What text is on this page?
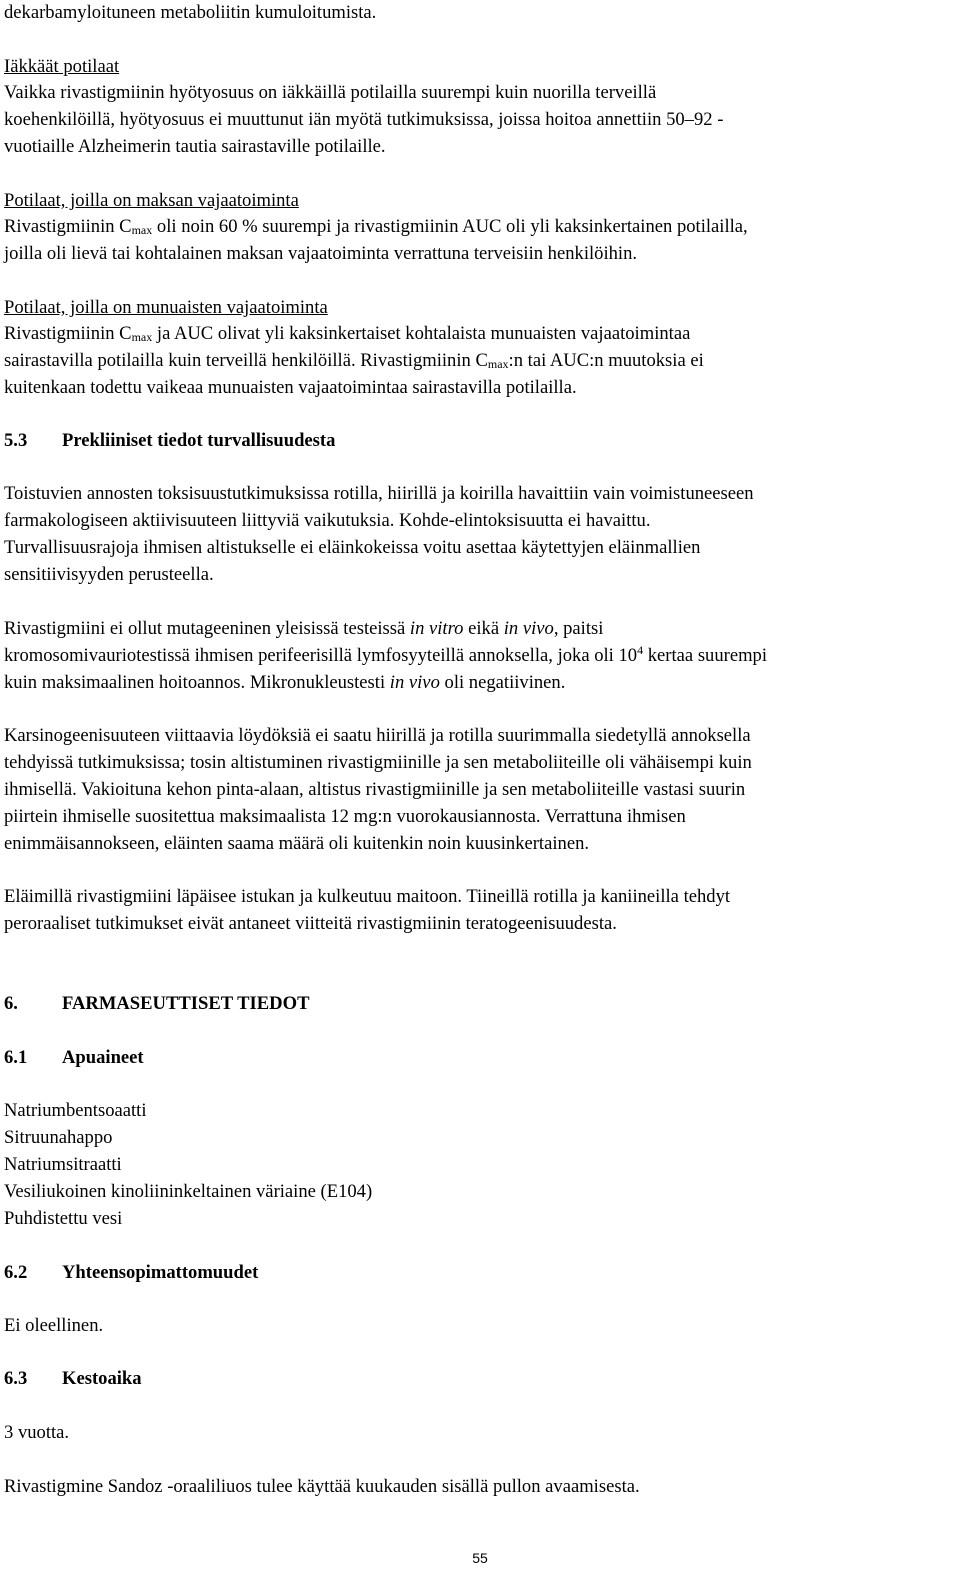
dekarbamyloituneen metaboliitin kumuloitumista.
Iäkkäät potilaat
Vaikka rivastigmiinin hyötyosuus on iäkkäillä potilailla suurempi kuin nuorilla terveillä
koehenkilöillä, hyötyosuus ei muuttunut iän myötä tutkimuksissa, joissa hoitoa annettiin 50–92 -
vuotiaille Alzheimerin tautia sairastaville potilaille.
Potilaat, joilla on maksan vajaatoiminta
Rivastigmiinin $C_{max}$ oli noin 60 % suurempi ja rivastigmiinin AUC oli yli kaksinkertainen potilailla,
joilla oli lievä tai kohtalainen maksan vajaatoiminta verrattuna terveisiin henkilöihin.
Potilaat, joilla on munuaisten vajaatoiminta
Rivastigmiinin $C_{max}$ ja AUC olivat yli kaksinkertaiset kohtalaista munuaisten vajaatoimintaa
sairastavilla potilailla kuin terveillä henkilöillä. Rivastigmiinin $C_{max}:n$ tai AUC:n muutoksia ei
kuitenkaan todettu vaikeaa munuaisten vajaatoimintaa sairastavilla potilailla.
5.3 Prekliiniset tiedot turvallisuudesta
Toistuvien annosten toksisuustutkimuksissa rotilla, hiirillä ja koirilla havaittiin vain voimistuneeseen
farmakologiseen aktiivisuuteen liittyviä vaikutuksia. Kohde-elintoksisuutta ei havaittu.
Turvallisuusrajoja ihmisen altistukselle ei eläinkokeissa voitu asettaa käytettyjen eläinmallien
sensitiivisyyden perusteella.
Rivastigmiini ei ollut mutageeninen yleisissä testeissä in vitro eikä in vivo, paitsi
kromosomivauriotestissä ihmisen perifeerisillä lymfosyyteillä annoksella, joka oli $10^4$ kertaa suurempi
kuin maksimaalinen hoitoannos. Mikronukleustesti in vivo oli negatiivinen.
Karsinogeenisuuteen viittaavia löydöksiä ei saatu hiirillä ja rotilla suurimmalla siedetyllä annoksella
tehdyissä tutkimuksissa; tosin altistuminen rivastigmiinille ja sen metaboliiteille oli vähäisempi kuin
ihmisellä. Vakioituna kehon pinta-alaan, altistus rivastigmiinille ja sen metaboliiteille vastasi suurin
piirtein ihmiselle suositettua maksimaalista 12 mg:n vuorokausiannosta. Verrattuna ihmisen
enimmäisannokseen, eläinten saama määrä oli kuitenkin noin kuusinkertainen.
Eläimillä rivastigmiini läpäisee istukan ja kulkeutuu maitoon. Tiineillä rotilla ja kaniineilla tehdyt
peroraaliset tutkimukset eivät antaneet viitteitä rivastigmiinin teratogeenisuudesta.
6. FARMASEUTTISET TIEDOT
6.1 Apuaineet
Natriumbentsoaatti
Sitruunahappo
Natriumsitraatti
Vesiliukoinen kinoliininkeltainen väriaine (E104)
Puhdistettu vesi
6.2 Yhteensopimattomuudet
Ei oleellinen.
6.3 Kestoaika
3 vuotta.
Rivastigmine Sandoz -oraaliliuos tulee käyttää kuukauden sisällä pullon avaamisesta.
55
